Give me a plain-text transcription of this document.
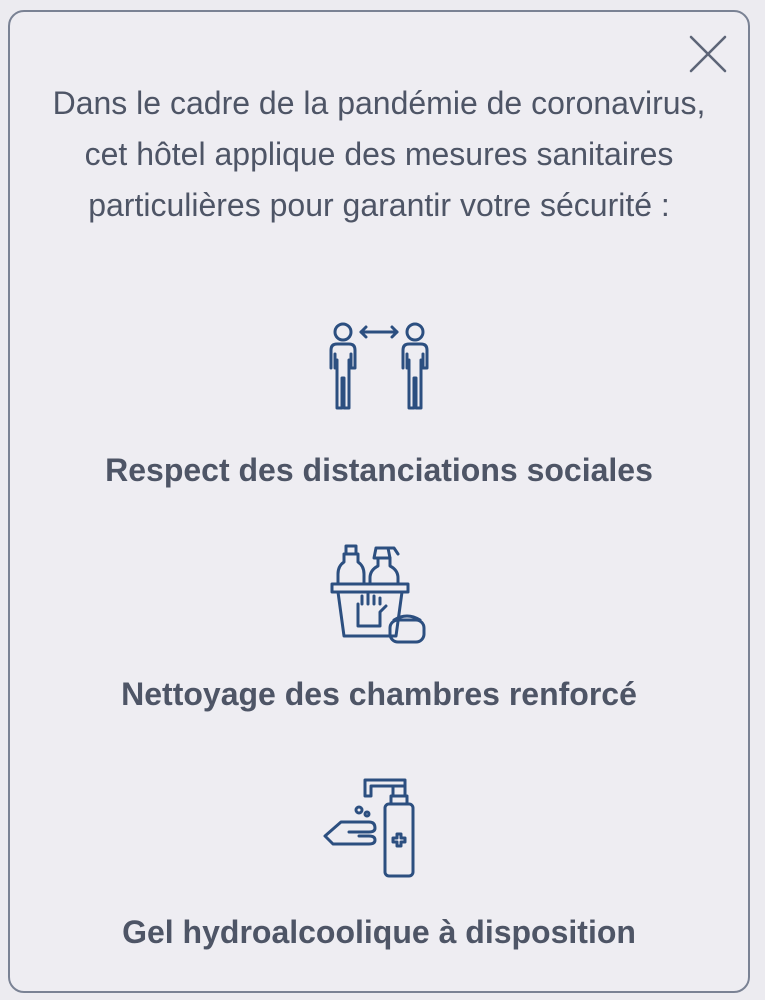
Dans le cadre de la pandémie de coronavirus, cet hôtel applique des mesures sanitaires particulières pour garantir votre sécurité :
Respect des distanciations sociales
Nettoyage des chambres renforcé
Gel hydroalcoolique à disposition
